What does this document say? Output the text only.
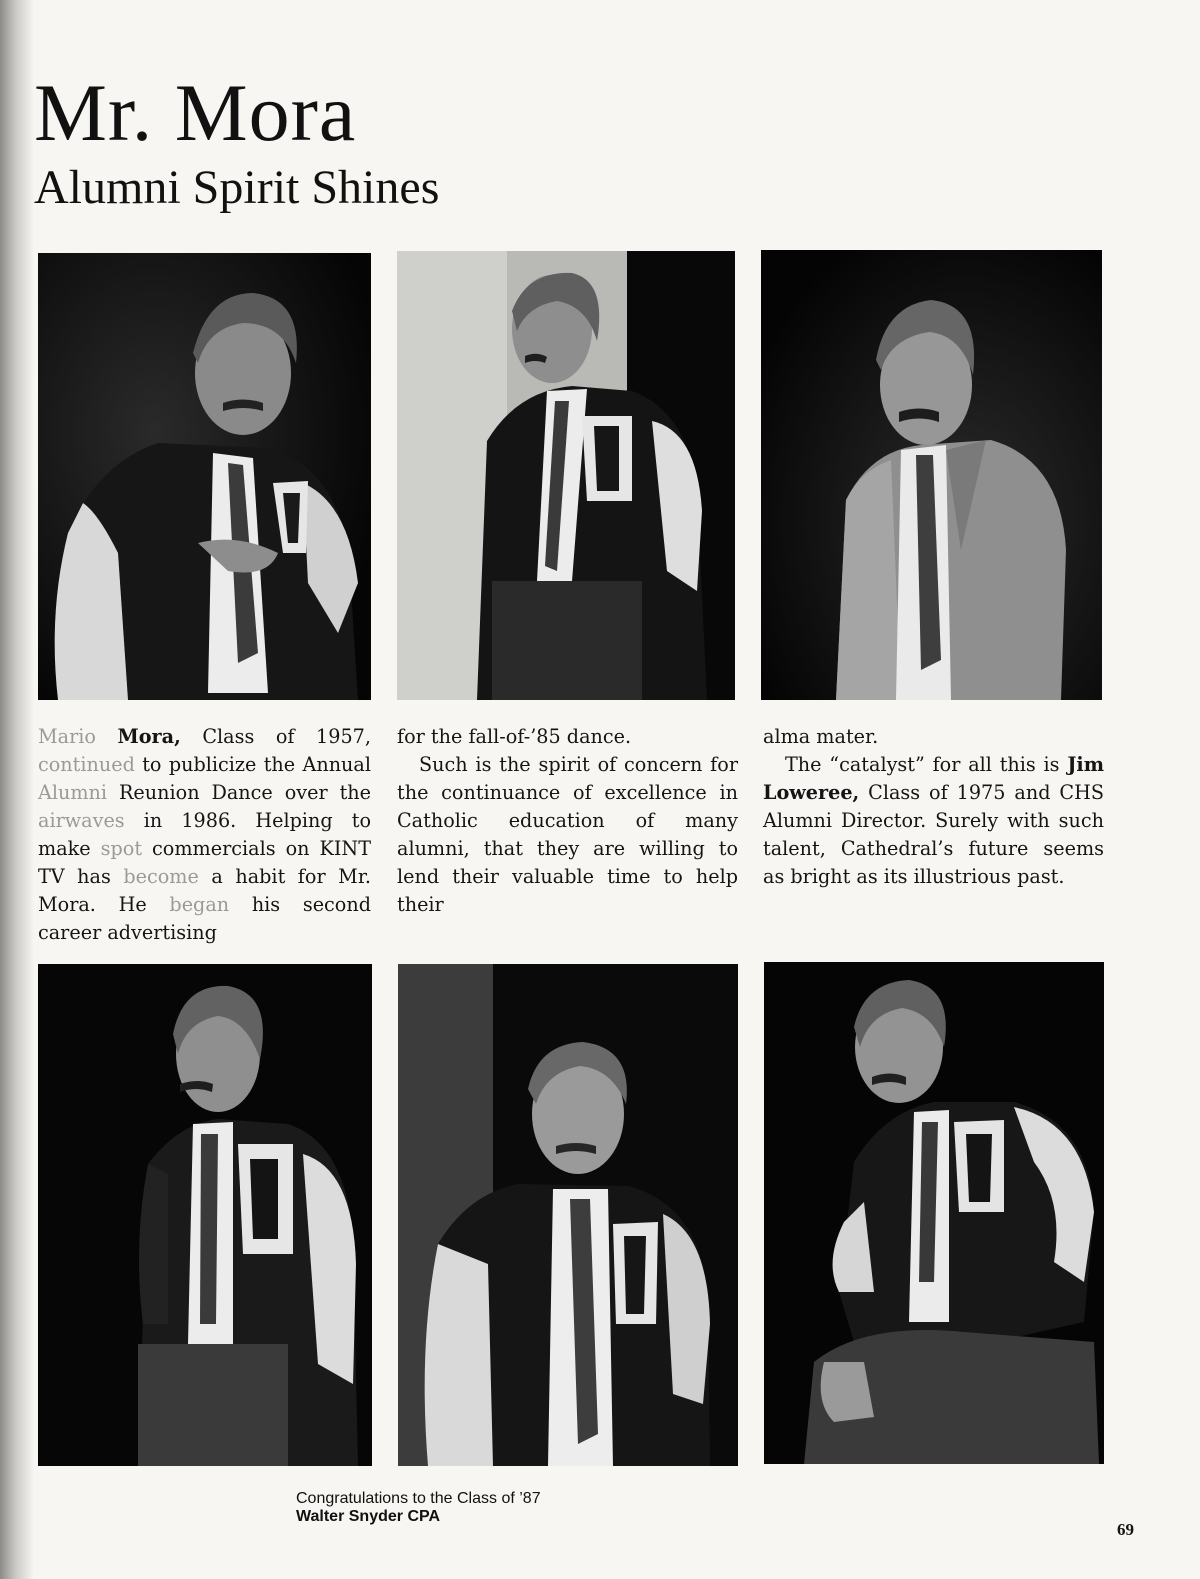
Mr. Mora
Alumni Spirit Shines

Mario Mora, Class of 1957, continued to publicize the Annual Alumni Reunion Dance over the airwaves in 1986. Helping to make spot commercials on KINT TV has become a habit for Mr. Mora. He began his second career advertising

for the fall-of-’85 dance.

Such is the spirit of concern for the continuance of excellence in Catholic education of many alumni, that they are willing to lend their valuable time to help their

alma mater.

The “catalyst” for all this is Jim Loweree, Class of 1975 and CHS Alumni Director. Surely with such talent, Cathedral’s future seems as bright as its illustrious past.

Congratulations to the Class of ’87
Walter Snyder CPA
69
